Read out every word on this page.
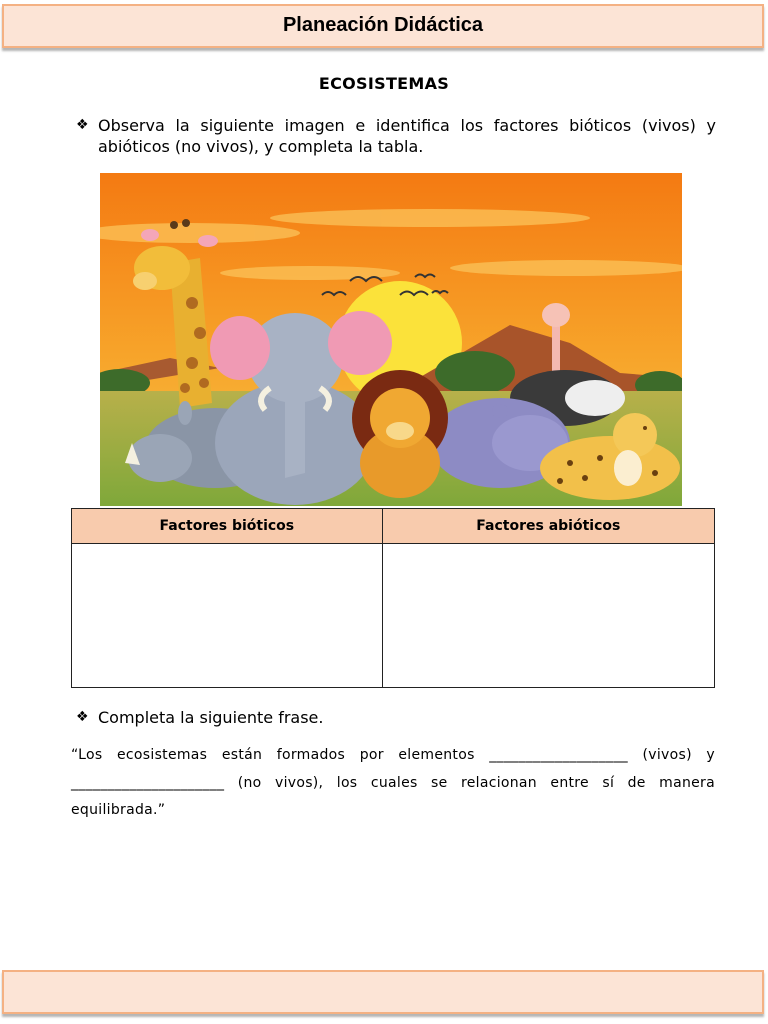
Planeación Didáctica
ECOSISTEMAS
❖ Observa la siguiente imagen e identifica los factores bióticos (vivos) y abióticos (no vivos), y completa la tabla.
Factores bióticos	Factores abióticos

❖ Completa la siguiente frase.
“Los ecosistemas están formados por elementos ___________________ (vivos) y _____________________ (no vivos), los cuales se relacionan entre sí de manera equilibrada.”
